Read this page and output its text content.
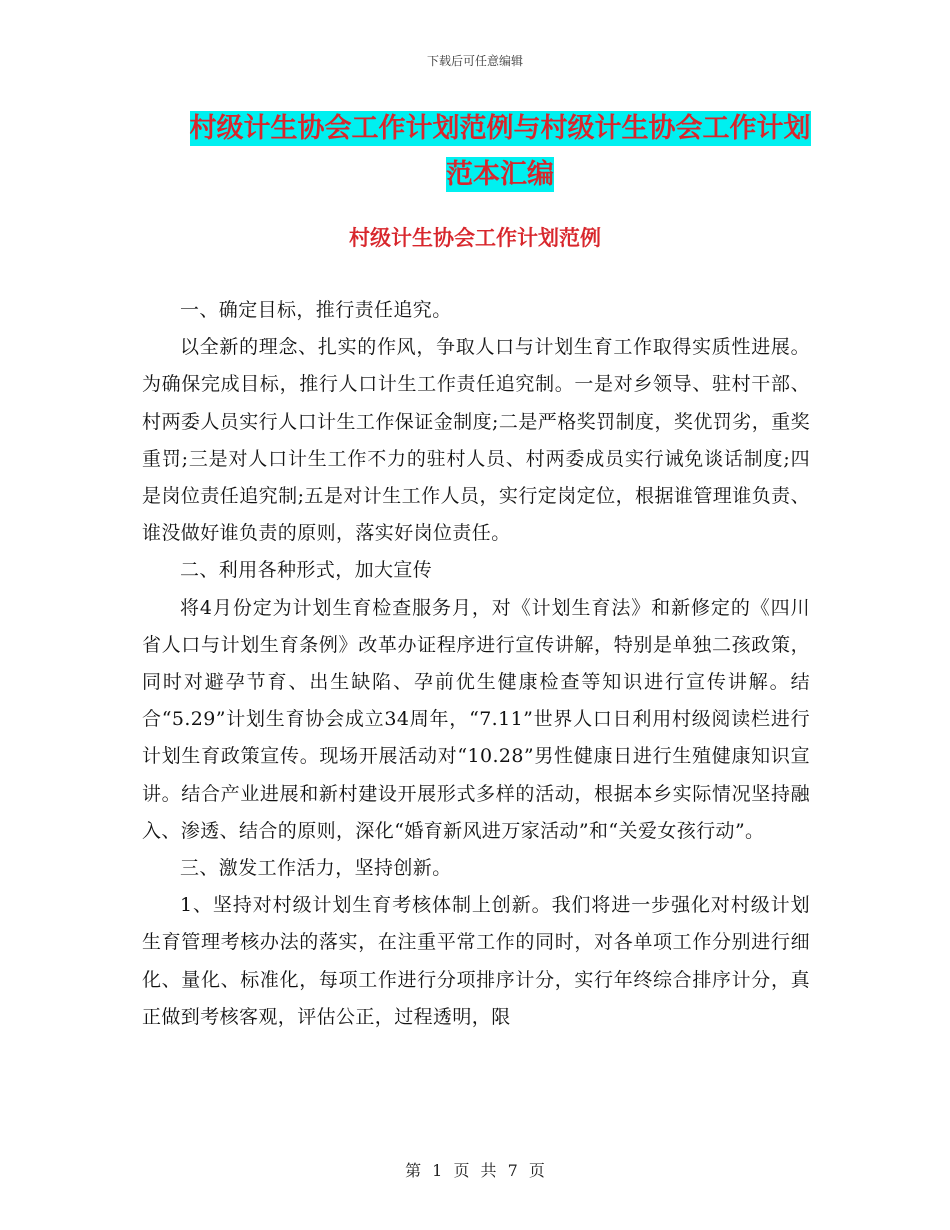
下载后可任意编辑
村级计生协会工作计划范例与村级计生协会工作计划
范本汇编
村级计生协会工作计划范例

一、确定目标，推行责任追究。

以全新的理念、扎实的作风，争取人口与计划生育工作取得实质性进展。为确保完成目标，推行人口计生工作责任追究制。一是对乡领导、驻村干部、村两委人员实行人口计生工作保证金制度;二是严格奖罚制度，奖优罚劣，重奖重罚;三是对人口计生工作不力的驻村人员、村两委成员实行诫免谈话制度;四是岗位责任追究制;五是对计生工作人员，实行定岗定位，根据谁管理谁负责、谁没做好谁负责的原则，落实好岗位责任。

二、利用各种形式，加大宣传

将4月份定为计划生育检查服务月，对《计划生育法》和新修定的《四川省人口与计划生育条例》改革办证程序进行宣传讲解，特别是单独二孩政策，同时对避孕节育、出生缺陷、孕前优生健康检查等知识进行宣传讲解。结合“5.29”计划生育协会成立34周年，“7.11”世界人口日利用村级阅读栏进行计划生育政策宣传。现场开展活动对“10.28”男性健康日进行生殖健康知识宣讲。结合产业进展和新村建设开展形式多样的活动，根据本乡实际情况坚持融入、渗透、结合的原则，深化“婚育新风进万家活动”和“关爱女孩行动”。

三、激发工作活力，坚持创新。

1、坚持对村级计划生育考核体制上创新。我们将进一步强化对村级计划生育管理考核办法的落实，在注重平常工作的同时，对各单项工作分别进行细化、量化、标准化，每项工作进行分项排序计分，实行年终综合排序计分，真正做到考核客观，评估公正，过程透明，限

第 1 页 共 7 页
